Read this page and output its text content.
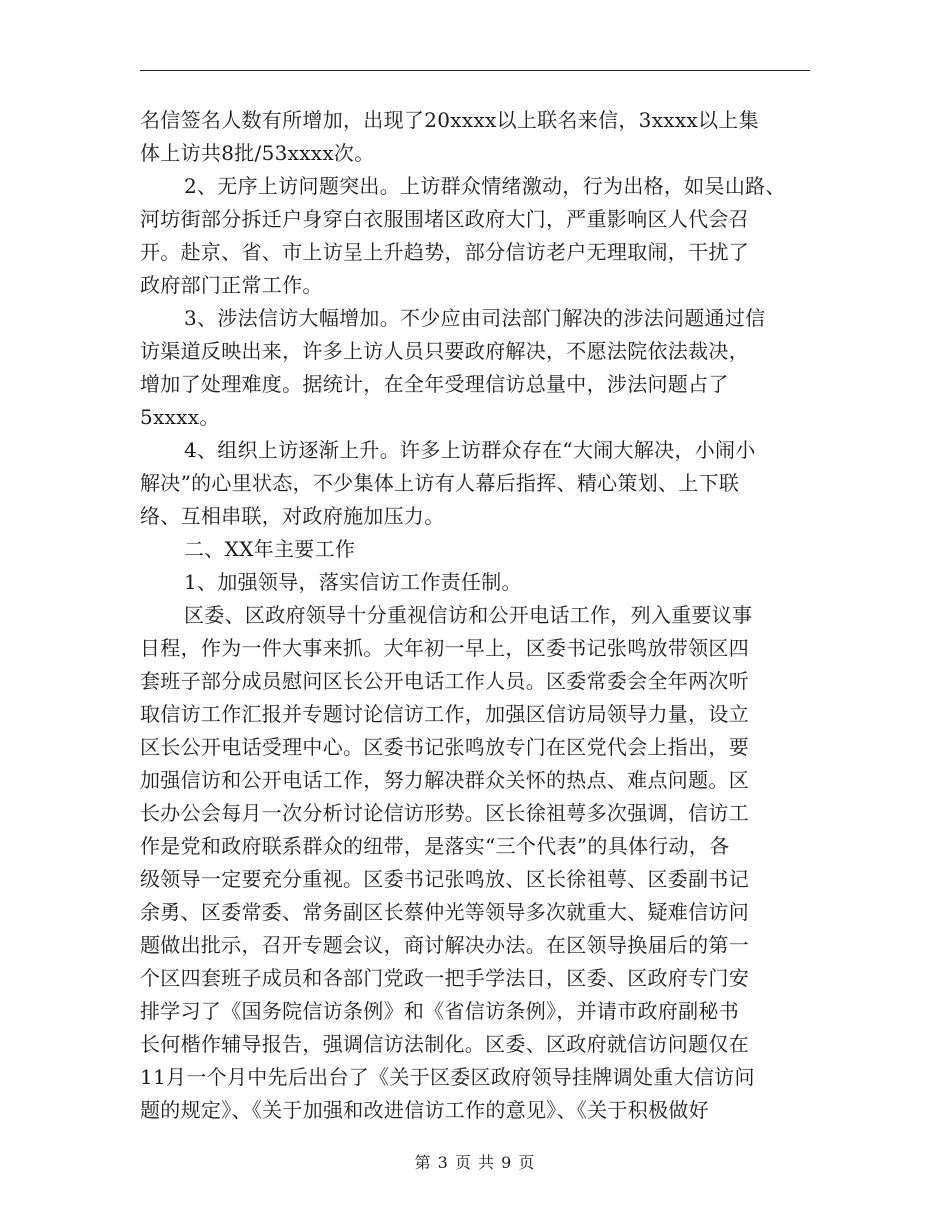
名信签名人数有所增加，出现了20xxxx以上联名来信，3xxxx以上集
体上访共8批/53xxxx次。
2、无序上访问题突出。上访群众情绪激动，行为出格，如吴山路、
河坊街部分拆迁户身穿白衣服围堵区政府大门，严重影响区人代会召
开。赴京、省、市上访呈上升趋势，部分信访老户无理取闹，干扰了
政府部门正常工作。
3、涉法信访大幅增加。不少应由司法部门解决的涉法问题通过信
访渠道反映出来，许多上访人员只要政府解决，不愿法院依法裁决，
增加了处理难度。据统计，在全年受理信访总量中，涉法问题占了
5xxxx。
4、组织上访逐渐上升。许多上访群众存在“大闹大解决，小闹小
解决”的心里状态，不少集体上访有人幕后指挥、精心策划、上下联
络、互相串联，对政府施加压力。
二、XX年主要工作
1、加强领导，落实信访工作责任制。
区委、区政府领导十分重视信访和公开电话工作，列入重要议事
日程，作为一件大事来抓。大年初一早上，区委书记张鸣放带领区四
套班子部分成员慰问区长公开电话工作人员。区委常委会全年两次听
取信访工作汇报并专题讨论信访工作，加强区信访局领导力量，设立
区长公开电话受理中心。区委书记张鸣放专门在区党代会上指出，要
加强信访和公开电话工作，努力解决群众关怀的热点、难点问题。区
长办公会每月一次分析讨论信访形势。区长徐祖萼多次强调，信访工
作是党和政府联系群众的纽带，是落实“三个代表”的具体行动，各
级领导一定要充分重视。区委书记张鸣放、区长徐祖萼、区委副书记
余勇、区委常委、常务副区长蔡仲光等领导多次就重大、疑难信访问
题做出批示，召开专题会议，商讨解决办法。在区领导换届后的第一
个区四套班子成员和各部门党政一把手学法日，区委、区政府专门安
排学习了《国务院信访条例》和《省信访条例》，并请市政府副秘书
长何楷作辅导报告，强调信访法制化。区委、区政府就信访问题仅在
11月一个月中先后出台了《关于区委区政府领导挂牌调处重大信访问
题的规定》、《关于加强和改进信访工作的意见》、《关于积极做好
第 3 页 共 9 页
